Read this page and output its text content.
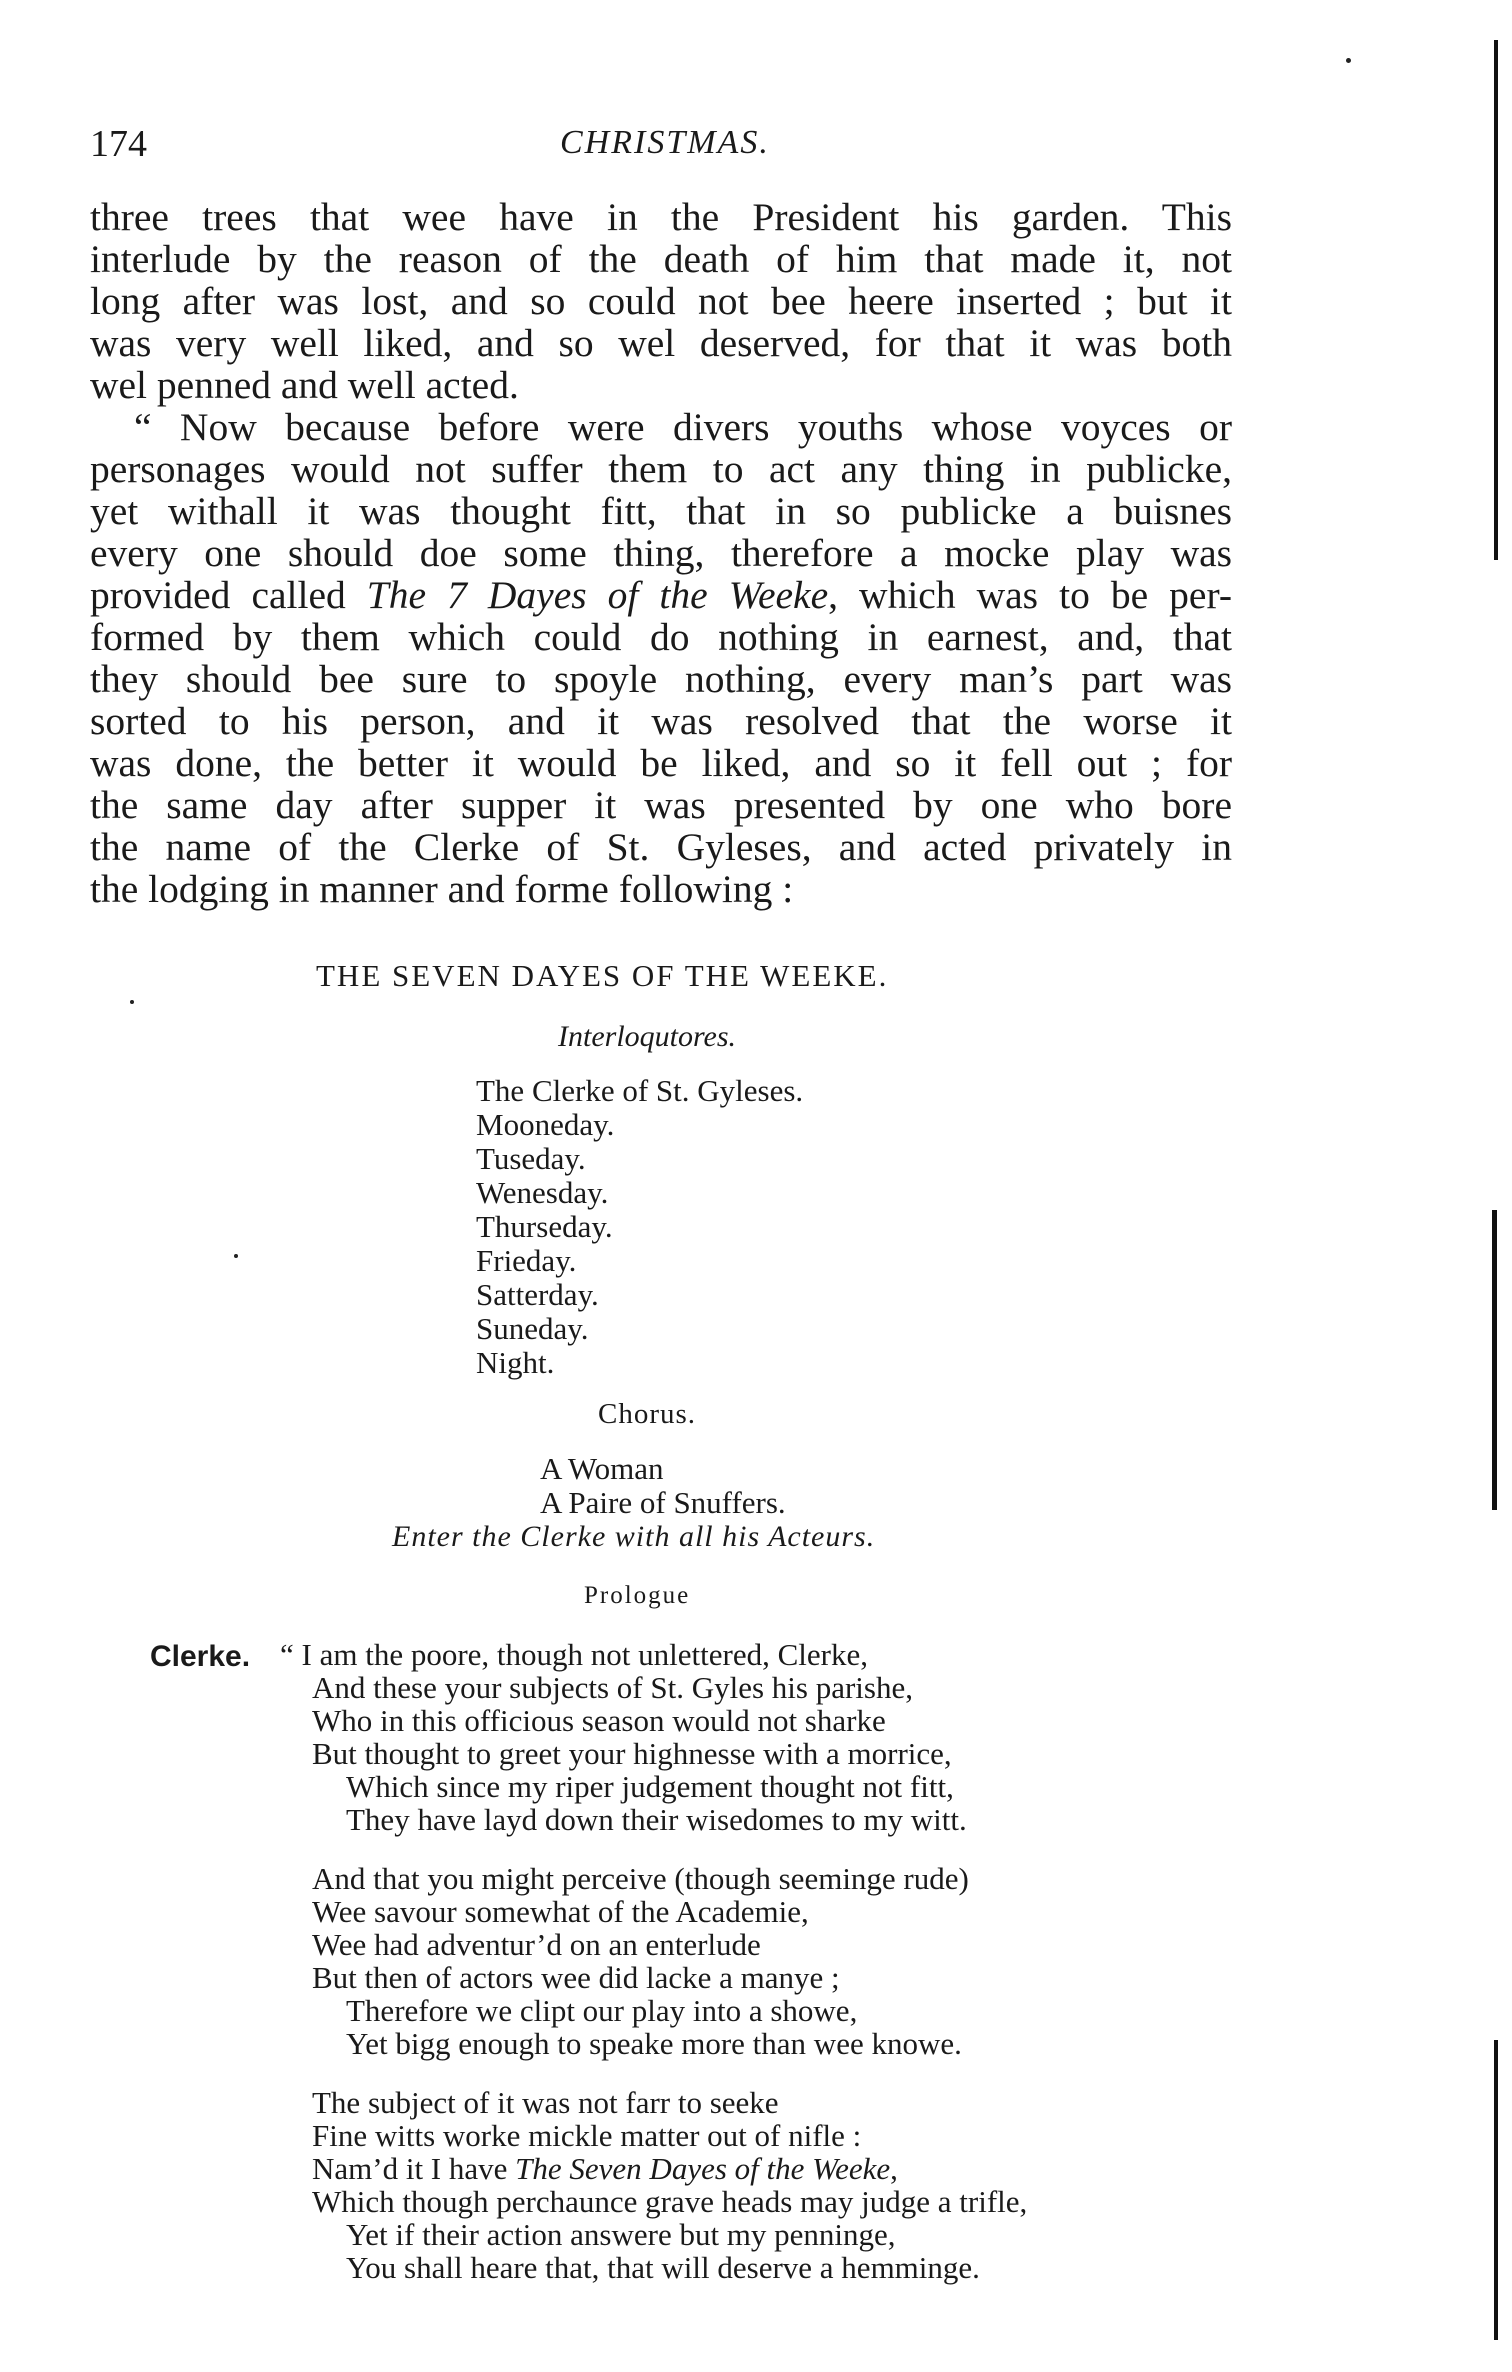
174	CHRISTMAS.
three trees that wee have in the President his garden. This
interlude by the reason of the death of him that made it, not
long after was lost, and so could not bee heere inserted ; but it
was very well liked, and so wel deserved, for that it was both
wel penned and well acted.
“ Now because before were divers youths whose voyces or
personages would not suffer them to act any thing in publicke,
yet withall it was thought fitt, that in so publicke a buisnes
every one should doe some thing, therefore a mocke play was
provided called The 7 Dayes of the Weeke, which was to be per-
formed by them which could do nothing in earnest, and, that
they should bee sure to spoyle nothing, every man’s part was
sorted to his person, and it was resolved that the worse it
was done, the better it would be liked, and so it fell out ; for
the same day after supper it was presented by one who bore
the name of the Clerke of St. Gyleses, and acted privately in
the lodging in manner and forme following :
THE SEVEN DAYES OF THE WEEKE.
Interloqutores.
The Clerke of St. Gyleses.
Mooneday.
Tuseday.
Wenesday.
Thurseday.
Frieday.
Satterday.
Suneday.
Night.
Chorus.
A Woman
A Paire of Snuffers.
Enter the Clerke with all his Acteurs.
Prologue
Clerke. “ I am the poore, though not unlettered, Clerke,
And these your subjects of St. Gyles his parishe,
Who in this officious season would not sharke
But thought to greet your highnesse with a morrice,
Which since my riper judgement thought not fitt,
They have layd down their wisedomes to my witt.
And that you might perceive (though seeminge rude)
Wee savour somewhat of the Academie,
Wee had adventur’d on an enterlude
But then of actors wee did lacke a manye ;
Therefore we clipt our play into a showe,
Yet bigg enough to speake more than wee knowe.
The subject of it was not farr to seeke
Fine witts worke mickle matter out of nifle :
Nam’d it I have The Seven Dayes of the Weeke,
Which though perchaunce grave heads may judge a trifle,
Yet if their action answere but my penninge,
You shall heare that, that will deserve a hemminge.
